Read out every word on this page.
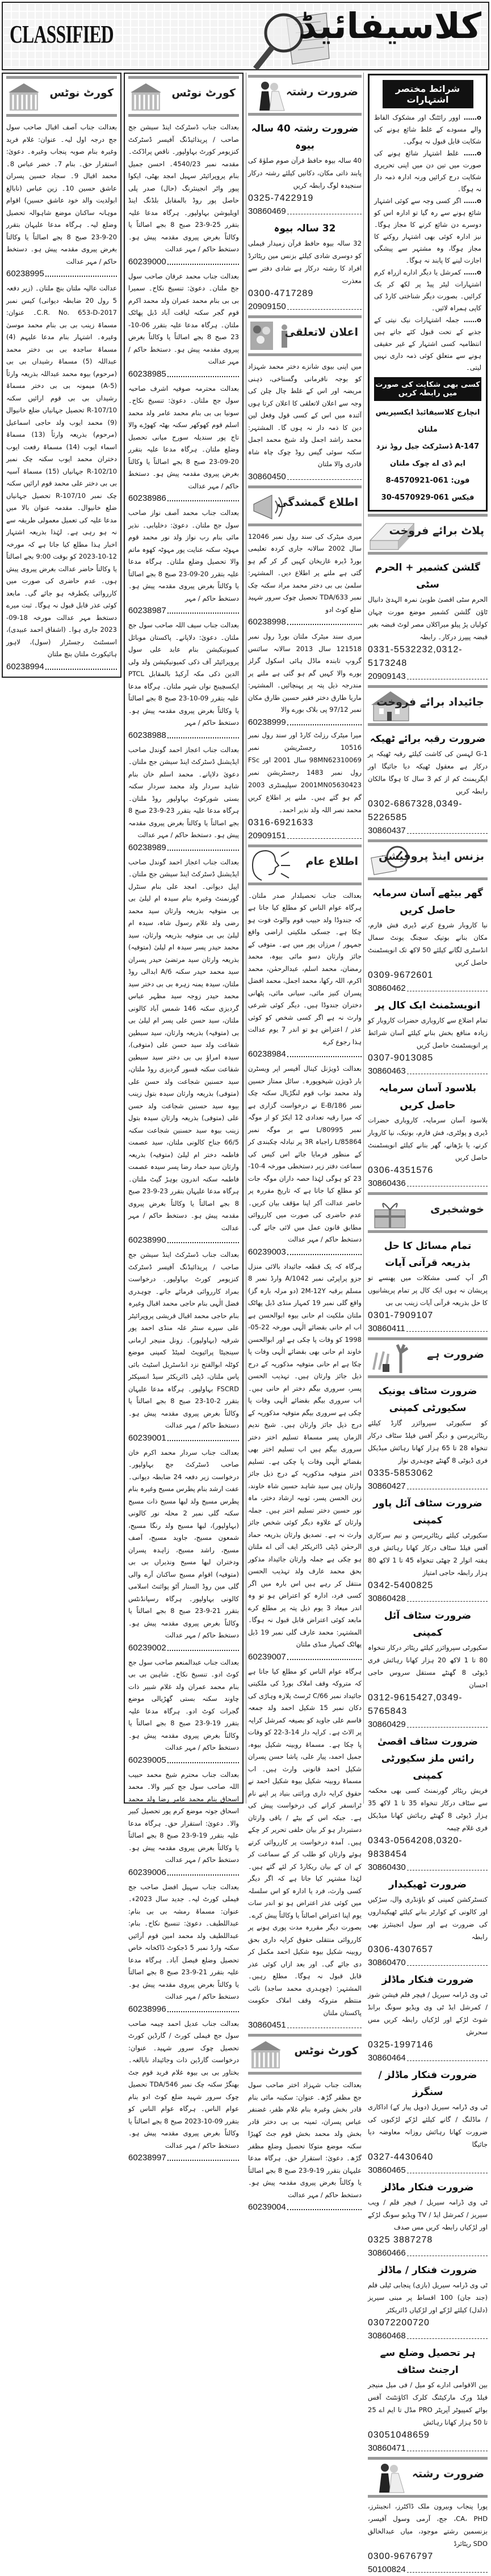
CLASSIFIED	کلاسیفائیڈ
کورٹ نوٹس
بعدالت جناب آصف اقبال صاحب سول جج درجہ اول لیہ۔ عنوان: غلام فرید وغیرہ بنام صوبہ پنجاب وغیرہ۔ دعویٰ: استقرار حق۔ بنام 7۔ خضر عباس 8۔ محمد اقبال 9۔ سجاد حسین پسران عاشق حسین 10۔ زین عباس (نابالغ ابولدیت والد خود عاشق حسین) اقوام موہانہ ساکنان موضع شاہوالہ تحصیل وضلع لیہ۔ ہرگاہ مدعا علیہان بتقرر 20-9-23 صبح 8 بجے اصالتاً یا وکالتاً بغرض پیروی مقدمہ پیش ہو۔ دستخط حاکم / مہر عدالت
60238995
عدالت عالیہ ملتان بنچ ملتان۔ (زیر دفعہ 5 رول 20 ضابطہ دیوانی) کیس نمبر C.R. No. 653-D-2017۔ عنوان: مسماۃ زینب بی بی بنام محمد موسیٰ وغیرہ۔ اشتہار بنام مدعا علیہم (4) مسماۃ ساجدہ بی بی دختر محمد عبداللہ (5) مسماۃ رشیداں بی بی (مرحوم) بیوہ محمد عبداللہ بذریعہ وارثاً (5-A) میمونہ بی بی دختر مسماۃ رشیداں بی بی قوم ارائیں سکنہ 107/10-R تحصیل جہانیاں ضلع خانیوال (9) محمد ایوب ولد حاجی اسماعیل (مرحوم) بذریعہ وارثاً (13) مسماۃ اسماء ایوب (14) مسماۃ رفعت ایوب دختران محمد ایوب سکنہ چک نمبر 102/10-R جہانیاں (15) مسماۃ آسیہ بی بی دختر علی محمد قوم ارائیں سکنہ چک نمبر 107/10-R تحصیل جہانیاں ضلع خانیوال۔ مقدمہ عنوان بالا میں مدعا علیہ کی تعمیل معمولی طریقہ سے نہ ہو رہی ہے۔ لہٰذا بذریعہ اشتہار اخبار ہذا مطلع کیا جاتا ہے کہ مورخہ 12-10-2023 کو بوقت 9:00 بجے اصالتاً یا وکالتاً حاضر عدالت بغرض پیروی پیش ہوں۔ عدم حاضری کی صورت میں کارروائی یکطرفہ ہو جائے گی۔ مابعد کوئی عذر قابل قبول نہ ہوگا۔ ثبت میرے دستخط مہر عدالت مورخہ 18-09-2023 جاری ہوا۔ (اشفاق احمد عبیدی)، اسسٹنٹ رجسٹرار (سول)، لاہور ہائیکورٹ ملتان بنچ ملتان
60238994
کورٹ نوٹس
بعدالت جناب ڈسٹرکٹ اینڈ سیشن جج صاحب / پریذائیڈنگ آفیسر ڈسٹرکٹ کنزیومر کورٹ بہاولپور۔ ناقص پراڈکٹ۔ مقدمہ نمبر 4540/23۔ احسن جمیل بنام پروپرائیٹر سہیل امجد بھٹی، ایکوا پیور واٹر انجینئرنگ (حال) صدر پلی حاصل پور روڈ بالمقابل بلڈنگ اینڈ اویلیوشن بہاولپور۔ ہرگاہ مدعا علیہ بتقرر 25-9-23 صبح 8 بجے اصالتاً یا وکالتاً بغرض پیروی مقدمہ پیش ہو۔ دستخط حاکم / مہر عدالت
60239000
بعدالت جناب محمد عرفان صاحب سول جج ملتان۔ دعویٰ: تنسیخ نکاح۔ سمیرا بی بی بنام محمد عمران ولد محمد اکرم قوم گجر سکنہ لیاقت آباد ڈبل پھاٹک ملتان۔ ہرگاہ مدعا علیہ بتقرر 06-10-23 صبح 8 بجے اصالتاً یا وکالتاً بغرض پیروی مقدمہ پیش ہو۔ دستخط حاکم / مہر عدالت
60238985
بعدالت محترمہ صوفیہ اشرف صاحبہ سول جج ملتان۔ دعویٰ: تنسیخ نکاح۔ سونیا بی بی بنام محمد عامر ولد محمد اسلم قوم کھوکھر سکنہ بھٹہ کھوڑے والا تاج پور سندیلہ سورج میانی تحصیل وضلع ملتان۔ ہرگاہ مدعا علیہ بتقرر 20-09-23 صبح 8 بجے اصالتاً یا وکالتاً بغرض پیروی مقدمہ پیش ہو۔ دستخط حاکم / مہر عدالت
60238986
بعدالت جناب محمد آصف نواز صاحب سول جج ملتان۔ دعویٰ: دخلیابی۔ نذیر مائی بنام رب نواز ولد نور محمد قوم مہوٹہ سکنہ عنایت پور مہوٹہ کھوہ ماتم والا تحصیل وضلع ملتان۔ ہرگاہ مدعا علیہ بتقرر 20-09-23 صبح 8 بجے اصالتاً یا وکالتاً بغرض پیروی مقدمہ پیش ہو۔ دستخط حاکم / مہر
60238987
بعدالت جناب سیف اللہ صاحب سول جج ملتان۔ دعویٰ: دلاپانے۔ پاکستان موبائل کمیونیکیشن بنام عابد علی سول پروپرائیٹر آف ذکی کمیونیکیشن ولد ولی الدین ذکی مکہ آرکیڈ بالمقابل PTCL ایکسچینج نواں شہر ملتان۔ ہرگاہ مدعا علیہ بتقرر 09-10-23 صبح 8 بجے اصالتاً یا وکالتاً بغرض پیروی مقدمہ پیش ہو۔ دستخط حاکم / مہر
60238988
بعدالت جناب اعجاز احمد گوندل صاحب ایڈیشنل ڈسٹرکٹ اینڈ سیشن جج ملتان۔ دعویٰ دلاپانے۔ محمد اسلم خان بنام شاہد سردار ولد محمد سردار سکنہ بستی شورکوٹ بہاولپور روڈ ملتان۔ ہرگاہ مدعا علیہ بتقرر 23-9-23 صبح 8 بجے اصالتاً یا وکالتاً بغرض پیروی مقدمہ پیش ہو۔ دستخط حاکم / مہر عدالت
60238989
بعدالت جناب اعجاز احمد گوندل صاحب ایڈیشنل ڈسٹرکٹ اینڈ سیشن جج ملتان۔ اپیل دیوانی۔ امجد علی بنام سنٹرل گورنمنٹ وغیرہ بنام سیدہ ام لیلیٰ بی بی متوفیہ بذریعہ وارثان سید محمد رضی ولد غلام رسول شاہ، سیدہ ام لیلیٰ بی بی متوفیہ بذریعہ وارثان، سید محمد حیدر پسر سیدہ ام لیلیٰ (متوفیہ) بذریعہ وارثان سید مرتضیٰ حیدر پسران سید محمد حیدر سکنہ 6/A ابدالی روڈ ملتان، سیدہ یمنہ زہرہ بی بی دختر سید محمد حیدر زوجہ سید مظہر عباس گردیزی سکنہ 146 شمس آباد کالونی ملتان، سید حسن علی پسر ام لیلیٰ بی بی (متوفیہ) بذریعہ وارثان، سید سبطین شفاعت ولد سید حسن علی (متوفی)، سیدہ امراؤ بی بی دختر سید سبطین شفاعت سکنہ قسور گردیزی روڈ ملتان، سید حسنین شجاعت ولد حسن علی (متوفی) بذریعہ وارثان سیدہ بتول زینب بیوہ سید حسنین شجاعت ولد حسن علی (متوفی) بذریعہ وارثان سیدہ بتول زینب بیوہ سید حسنین شجاعت سکنہ 66/5 جناح کالونی ملتان، سید عصمت فاطمہ دختر ام لیلیٰ (متوفیہ) بذریعہ وارثان سید حماد رضا پسر سیدہ عصمت فاطمہ سکنہ اندرون بوہڑ گیٹ ملتان۔ ہرگاہ مدعا علیہان بتقرر 23-9-23 صبح 8 بجے اصالتاً یا وکالتاً بغرض پیروی مقدمہ پیش ہو۔ دستخط حاکم / مہر عدالت
60238990
بعدالت جناب ڈسٹرکٹ اینڈ سیشن جج صاحب / پریذائیڈنگ آفیسر ڈسٹرکٹ کنزیومر کورٹ بہاولپور۔ درخواست بمراد کارروائی فرمائے جانے۔ چوہدری فضل الٰہی بنام حاجی محمد اقبال وغیرہ بنام حاجی محمد اقبال قریشی پروپرائیٹر علی سپرے سنٹر غلہ منڈی احمد پور شرقیہ (بہاولپور)۔ زونل منیجر ارمانی سینجیٹا پرائیویٹ لمیٹڈ کمپنی موضع کوٹلہ ابوالفتح نزد انڈسٹریل اسٹیٹ بائی پاس ملتان، ڈپٹی ڈائریکٹر سیڈ انسپکٹر FSCRD بہاولپور۔ ہرگاہ مدعا علیہان بتقرر 2-10-23 صبح 8 بجے اصالتاً یا وکالتاً بغرض پیروی مقدمہ پیش ہو۔ دستخط حاکم / مہر عدالت
60239001
بعدالت جناب سردار محمد اکرم خان صاحب ڈسٹرکٹ جج بہاولپور۔ درخواست زیر دفعہ 24 ضابطہ دیوانی۔ عفت ارشد بنام پطرس مسیح وغیرہ بنام پطرس مسیح ولد لبھا مسیح ذات مسیح سکنہ گلی نمبر 2 محلہ نور کالونی (بہاولپور)، لبھا مسیح ولد رنگا مسیح، شمعون مسیح، جاوید مسیح، آصف مسیح، راشد مسیح، زاہدہ پسران ودختران لبھا مسیح ونذیراں بی بی (متوفیہ) اقوام مسیح ساکنان آرے والی گلی مین روڈ الستار آٹو پوائنٹ اسلامی کالونی بہاولپور۔ ہرگاہ رسپانڈنٹس بتقرر 21-9-23 صبح 8 بجے اصالتاً یا وکالتاً بغرض پیروی مقدمہ پیش ہو۔ دستخط حاکم / مہر عدالت
60239002
بعدالت جناب عبدالمنعم صاحب سول جج کوٹ ادو۔ تنسیخ نکاح۔ شاہین بی بی بنام محمد عمران ولد غلام شبیر ذات چاوند سکنہ بستی گھڑیالی موضع گجرات کوٹ ادو۔ ہرگاہ مدعا علیہ بتقرر 19-9-23 صبح 8 بجے اصالتاً یا وکالتاً بغرض پیروی مقدمہ پیش ہو۔ دستخط حاکم / مہر عدالت
60239005
بعدالت جناب محترم شیخ محمد حبیب اللہ صاحب سول جج کبیر والا۔ محمد اسحاق بنام محمد عامر رضا ولد محمد اسحاق جوتہ موضع کرم پور تحصیل کبیر والا۔ دعویٰ: استقرار حق۔ ہرگاہ مدعا علیہ بتقرر 19-9-23 صبح 8 بجے اصالتاً یا وکالتاً بغرض پیروی مقدمہ پیش ہو۔ دستخط حاکم / مہر عدالت
60239006
بعدالت جناب سہیل افضل صاحب جج فیملی کورٹ لیہ۔ جدید سال 2023ء۔ عنوان: مسماۃ رمشہ بی بی بنام: عبداللطیف۔ دعویٰ: تنسیخ نکاح۔ بنام: عبداللطیف ولد محمد امین قوم آرائیں سکنہ وارڈ نمبر 5 ڈجکوٹ ڈاکخانہ خاص تحصیل وضلع فیصل آباد۔ ہرگاہ مدعا علیہ بتقرر 21-9-23 صبح 8 بجے اصالتاً یا وکالتاً بغرض پیروی مقدمہ پیش ہو۔ دستخط حاکم / مہر عدالت
60238996
بعدالت جناب عدیل احمد چیمہ صاحب سول جج فیملی کورٹ / گارڈین کورٹ تحصیل چوک سرور شہید۔ عنوان: درخواست گارڈین ذات وجائیداد نابالغہ۔ بختاور بی بی بیوہ غلام فرید قوم جٹ بھنگڑ سکنہ چک نمبر 546/TDA تحصیل چوک سرور شہید ضلع کوٹ ادو بنام عوام الناس۔ ہرگاہ عوام الناس کو بتقرر 09-10-2023 صبح 8 بجے اصالتاً یا وکالتاً بغرض پیروی مقدمہ پیش ہو۔ دستخط حاکم / مہر عدالت
60238997
ضرورت رشتہ
ضرورت رشتہ 40 سالہ بیوہ
40 سالہ بیوہ حافظ قرآن صوم صلوٰۃ کی پابند ذاتی مکان، دکانیں کیلئے رشتہ درکار سنجیدہ لوگ رابطہ کریں
0325-7422919
30860469
32 سالہ بیوہ
32 سالہ بیوہ حافظ قرآن زمیدار فیملی کو دوسری شادی کیلئے بزنس مین ریٹائرڈ افراد کا رشتہ درکار ہے شادی دفتر سے معذرت
0300-4717289
20909150
اعلان لاتعلقی
میں اپنی بیوی شانزے دختر محمد شہزاد کو بوجہ نافرمانی وگستاخی، ذہنی مریضہ اور اس کے غلط چال چلن کی وجہ سے اعلان لاتعلقی کا اعلان کرتا ہوں آئندہ میں اس کے کسی قول وفعل لین دین کا ذمہ دار نہ ہوں گا۔ المشتہر: محمد راشد اجمل ولد شیخ محمد اجمل سکنہ سوئی گیس روڈ چوک چاہ شاہ قادری والا ملتان
30860450
اطلاع گمشدگی
میری میٹرک کی سند رول نمبر 12046 سال 2002 سالانہ جاری کردہ تعلیمی بورڈ ڈیرہ غازیخان کہیں گر کر گم ہو گئی ہے ملنے پر اطلاع دیں۔ المشتہر: سلمیٰ بی بی دختر محمد مراد سکنہ چک نمبر 633/TDA تحصیل چوک سرور شہید ضلع کوٹ ادو
60238998
میری سند میٹرک ملتان بورڈ رول نمبر 121518 سال 2013 سالانہ سائنس گروپ تابندہ ماڈل ہائی اسکول گرلز بورے والا کہیں گم ہو گئی ہے ملنے پر مندرجہ ذیل پتہ پر پہنچائیں۔ المشتہر: ماریا طارق دختر فقیر حسین طارق مکان نمبر 97/12 پی بلاک بورے والا
60238999
میرا میٹرک رزلٹ کارڈ اور سند رول نمبر 10516 رجسٹریشن نمبر 98MN62310069 سال 2001 اور FSc رول نمبر 1483 رجسٹریشن نمبر 2001MN05630423 سپلیمنٹری 2003 گم ہو گئے ہیں۔ ملنے پر اطلاع کریں محمد نصر اللہ ولد نذیر احمد۔
0316-6921633
20909151
اطلاع عام
بعدالت جناب تحصیلدار صدر ملتان۔ ہرگاہ عوام الناس کو مطلع کیا جاتا ہے کہ جندوڈا ولد حبیب قوم والوٹ فوت ہو چکا ہے۔ جسکی ملکیتی اراضی واقع جمہور / مرزاں پور میں ہے۔ متوفی کے جائز وارثان دسو مائی بیوہ، محمد رمضان، محمد اسلم، عبدالرحمٰن، محمد اکرم، اللہ رکھا، محمد اجمل، محمد افضل پسران کنیز مائی، سیانی مائی، پٹھانی دختران جندوڈا ہیں۔ دیگر کوئی شرعی وارث نہ ہے اگر کسی شخص کو کوئی عذر / اعتراض ہو تو اندر 7 یوم عدالت ہذا رجوع کرے
60238984
بعدالت ڈویژنل کینال آفیسر اپر ویسٹرن بار ڈویژن شیخوپورہ۔ سائل ممتاز حسین ولد محمد نواب قوم لنگڑیال سکنہ چک نمبر 186/E-B نے درخواست گزاری ہے کہ میرا رقبہ تعدادی 12 ایکڑ کو از موگہ نمبر 80995/L سے بر موگہ نمبر 85864/L راجباہ 3R پر تبادلہ چکبندی کر کے منظور فرمایا جائے اس کیس کی سماعت دفتر زیر دستخطی مورخہ 4-10-23 کو ہوگی لہٰذا حصہ داران موگہ جات کو مطلع کیا جاتا ہے کہ تاریخ مقررہ پر حاضر عدالت آکر اپنا مؤقف بیان کریں۔ عدم حاضری کی صورت میں کارروائی مطابق قانون عمل میں لائی جائے گی۔ دستخط حاکم / مہر عدالت
60239003
ہرگاہ کہ یک قطعہ جائیداد بالائی منزل جزو پراپرٹی نمبر 1042/A وارڈ نمبر 8 مسلم برقبہ 2M-12Y (دو مرلہ بارہ گز) واقع گلی نمبر 19 کمہار منڈی ڈبل پھاٹک ملتان ملکیت ام حانی بیوہ ابوالحسن ہے اب ام حانی بقضائے الٰہی مورخہ 22-05-1998 کو وفات پا چکی ہے اور ابوالحسن خاوند ام حانی بھی بقضائے الٰہی وفات پا چکا ہے ام حانی متوفیہ مذکوریہ کے درج ذیل جائز وارثان ہیں۔ تہذیب الحسن پسر، سروری بیگم دختر ام حانی ہیں۔ اب سروری بیگم بقضائے الٰہی وفات پا چکی ہے سروری بیگم متوفیہ مذکوریہ کے درج ذیل جائز وارثان ہیں۔ شیخ ندیم الزماں پسر مسماۃ تسلیم اختر دختر سروری بیگم ہیں اب تسلیم اختر بھی بقضائے الٰہی وفات پا چکی ہے۔ تسلیم اختر متوفیہ مذکوریہ کے درج ذیل جائز وارثان ہیں سید شاہد حسین شاہ خاوند، زین الحسن پسر، ثوبیہ ارشاد دختر، ماہ نور حسین دختر تسلیم اختر ہیں۔ جملہ وارثان کے علاوہ دیگر کوئی شخص جائز وارث نہ ہے۔ تصدیق وارثان بذریعہ حماد الرحمٰن ڈپٹی ڈائریکٹر ایف آئی اے ملتان ہو چکی ہے جملہ وارثان جائیداد مذکور بحق محمد عارف ولد تہذیب الحسن منتقل کر رہے ہیں اس بارہ میں اگر کسی فرد، ادارہ کو اعتراض ہو تو وہ اندر میعاد 3 یوم ذیل پتہ پر مطلع کرے مابعد کوئی اعتراض قابل قبول نہ ہوگا۔ المشتہر: محمد عارف گلی نمبر 19 ڈبل پھاٹک کمہار منڈی ملتان
60239007
ہرگاہ عوام الناس کو مطلع کیا جاتا ہے کہ متروکہ وقف املاک بورڈ کی ملکیتی جائیداد نمبر 66/C ٹرسٹ پلازہ وہاڑی کی دکان نمبر 15 شکیل احمد ولد جمعہ قاسم علی جاوید کو بصیغہ کمرشل کرایہ پر الاٹ ہے۔ کرایہ دار 14-3-22 کو وفات پا چکا ہے۔ مسماۃ روبینہ شکیل بیوہ، جمیل احمد، پیار علی، پاشا حسن پسران شکیل احمد قانونی وارث ہیں۔ اب مسماۃ روبینہ شکیل بیوہ شکیل احمد نے حقوق کرایہ داری وراثتی بنیاد پر اپنے نام ٹرانسفر کرانے کی درخواست پیش کی ہے۔ جبکہ اس کے بیٹے / باقی وارثان دستبردار ہو کر بیان حلفی تحریر کر چکے ہیں۔ آمدہ درخواست پر کارروائی کرتے ہوئے وارثان کو طلب کر کے سماعت کر کے ان کے بیان ریکارڈ کر لئے گئے ہیں۔ لہٰذا مشتہر کیا جاتا ہے کہ اگر دیگر کسی وارث، فرد یا ادارہ کو اس سلسلہ میں کوئی عذر اعتراض ہو تو اندر سات یوم اپنا اعتراض اصالتاً یا وکالتاً پیش کرے۔ بصورت دیگر مقررہ مدت پوری ہونے پر کارروائی منتقلی حقوق کرایہ داری بحق روبینہ شکیل بیوہ شکیل احمد مکمل کر دی جائے گی۔ اور بعد ازاں کوئی عذر قابل قبول نہ ہوگا۔ مطلع رہیں۔ المشتہر: (چوہدری محمد ساجد) نائب منتظم متروکہ وقف املاک حکومت پاکستان ملتان
30860451
کورٹ نوٹس
بعدالت جناب شہزاد اختر صاحب سول جج مظفر گڑھ۔ عنوان: سکینہ مائی بنام قادر بخش وغیرہ بنام غلام ظفر، غضنفر عباس پسران، ثمینہ بی بی دختر قادر بخش ولد محمد بخش قوم جٹ کھیڑا سکنہ موضع متوکا تحصیل وضلع مظفر گڑھ۔ دعویٰ: استقرار حق۔ ہرگاہ مدعا علیہان بتقرر 19-9-23 صبح 8 بجے اصالتاً یا وکالتاً بغرض پیروی مقدمہ پیش ہو۔ دستخط حاکم / مہر عدالت
60239004
شرائط مختصر اشتہارات
o…… اوور رائٹنگ اور مشکوک الفاظ والے مسودے کے غلط شائع ہونے کی شکایت قابل قبول نہ ہوگی۔
o…… غلط اشتہار شائع ہونے کی صورت میں تین دن میں اپنی تحریری شکایت درج کرائیں ورنہ ادارہ ذمہ دار نہ ہوگا۔
o…… اگر کسی وجہ سے کوئی اشتہار شائع ہونے سے رہ گیا تو ادارہ اس کو دوسرے دن شائع کرنے کا مجاز ہوگا۔ نیز ادارہ کوئی بھی اشتہار روکنے کا مجاز ہوگا، وہ مشتہر سے پیشگی اجازت لینے کا پابند نہ ہوگا۔
o…… کمرشل یا دیگر ادارے ازراہ کرم اشتہارات لیٹر پیڈ پر لکھ کر بک کرائیں۔ بصورت دیگر شناختی کارڈ کی کاپی ہمراہ لائیں۔
o…… جملہ اشتہارات نیک نیتی کے جذبے کے تحت قبول کئے جاتے ہیں انتظامیہ کسی اشتہار کے غیر حقیقی ہونے سے متعلق کوئی ذمہ داری نہیں لیتی۔
کسی بھی شکایت کی صورت میں رابطہ کریں
انچارج کلاسیفائیڈ ایکسپریس ملتان
147-A ڈسٹرکٹ جیل روڈ نزد ایم ڈی اے چوک ملتان
فون: 061-4570921-8 فیکس 061-4570929-30
پلاٹ برائے فروخت
گلشن کشمیر + الحرم سٹی
الحرم سٹی اقصیٰ طوبیٰ نمرہ الہدیٰ دانیال ٹاؤن گلشن کشمیر موضع مورت چہان کولیاں پڑ پیلو میراکلاں مصر لوٹ قبضہ بغیر قبضہ پیپرز درکار۔ رابطہ
0331-5532232,0312-5173248
20909143
جائیداد برائے فروخت
ضرورت رقبہ برائے ٹھیکہ
G-1 لہسن کی کاشت کیلئے رقبہ ٹھیکہ پر درکار ہے معقول ٹھیکہ دیا جائیگا اور ایگریمنٹ کم از کم 3 سال کا ہوگا مالکان رابطہ کریں
0302-6867328,0349-5226585
30860437
بزنس اینڈ پروفیشن
گھر بیٹھے آسان سرمایہ حاصل کریں
نیا کاروبار شروع کرنے ڈیری فش فارم، مکان بنانے بوتیک سچنگ یونٹ سمال انڈسٹری لگانے کیلئے 50 لاکھ تک انویسٹمنٹ حاصل کریں
0309-9672601
30860462
انویسٹمنٹ ایک کال پر
تمام اضلاع سے کاروباری حضرات کاروبار کو زیادہ منافع بخش بنانے کیلئے آسان شرائط پر انویسٹمنٹ حاصل کریں
0307-9013085
30860463
بلاسود آسان سرمایہ حاصل کریں
بلاسود آسان سرمایہ، کاروباری حضرات ڈیری و پولٹری، فش فارم، بوتیک، نیا کاروبار کرنے، یا بڑھانے، گھر بنانے کیلئے انویسٹمنٹ حاصل کریں
0306-4351576
30860436
خوشخبری
تمام مسائل کا حل بذریعہ قرآنی آیات
اگر آپ کسی مشکلات میں پھنسے تو پریشان نہ ہوں ایک کال پر تمام پریشانیوں کا حل بذریعہ قرآنی آیات زینب بی بی
0301-7909107
30860411
ضرورت ہے
ضرورت سٹاف یونیک سکیورٹی کمپنی
کو سکیورٹی سپروائزر گارڈ کیلئے ریٹائرپرسن و دیگر آفس فیلڈ سٹاف درکار تنخواہ 28 تا 65 ہزار کھانا رہائش میڈیکل فری ڈیوٹی 8 گھنٹے چوہدری نواز
0335-5853062
30860427
ضرورت سٹاف آئل پاور کمپنی
سکیورٹی کیلئے ریٹائرپرسن و نیم سرکاری آفس فیلڈ سٹاف درکار کھانا رہائش فری ہفتہ اتوار 2 چھٹی تنخواہ 45 تا 1 لاکھ 80 ہزار رابطہ حاجی امتیاز
0342-5400825
30860428
ضرورت سٹاف آئل کمپنی
سکیورٹی سپروائزر کیلئے ریٹائر درکار تنخواہ 80 تا 1 لاکھ 20 ہزار کھانا رہائش فری ڈیوٹی 8 گھنٹے مستقل سروس حاجی احسان
0312-9615427,0349-5765843
30860429
ضرورت سٹاف اقصیٰ رائس ملز سکیورٹی کمپنی
فریش ریٹائر گورنمنٹ کسی بھی محکمہ سے سٹاف درکار تنخواہ 35 تا 1 لاکھ 35 ہزار ڈیوٹی 8 گھنٹے رہائش کھانا میڈیکل فری غلام چیمہ
0343-0564208,0320-9838454
30860430
ضرورت ٹھیکیدار
کنسٹرکشن کمپنی کو باؤنڈری وال، سڑکیں اور کالونی کے کوارٹر بنانے کیلئے ٹھیکیداروں کی ضرورت ہے اور سول انجینئرز بھی رابطہ
0306-4307657
30860470
ضرورت فنکار ماڈلز
ٹی وی ڈرامہ سیریل / فیچر فلم فیشن شوز / کمرشل ایڈ ٹی وی ویڈیو سونگ برانڈ شوٹ لڑکے اور لڑکیاں رابطہ کریں مس سحرش
0325-1997146
30860464
ضرورت فنکار ماڈلز / سنگرز
ٹی وی ڈرامہ سیریل (دوپل پیار کے) اداکاری / ماڈلنگ / گانے کیلئے لڑکے لڑکیوں کی ضرورت کھانا رہائش روزانہ معاوضہ دیا جائیگا
0327-4430640
30860465
ضرورت فنکار ماڈلز
ٹی وی ڈرامہ سیریل / فیچر فلم / ویب سیریز / کمرشل ایڈ / TV ویڈیو سونگ لڑکے اور لڑکیاں رابطہ کریں مس صدف
0325 3887278
30860466
ضرورت فنکار / ماڈلز
ٹی وی ڈرامہ سیریل (بازی) پنجابی ٹیلی فلم (جند جان) 100 اقساط پر مبنی سیریز (دلدل) کیلئے لڑکے اور لڑکیاں ڈائریکٹر
03072200720
30860468
ہر تحصیل وضلع سے ارجنٹ سٹاف
بین الاقوامی ادارے کو میل / فی میل منیجر فیلڈ ورک مارکیٹنگ کلرک اکاؤنٹنٹ آفس بوائے کمپیوٹر آپریٹر PRO مڈل تا ایم اے 25 تا 50 ہزار کھانا رہائش
03051048659
30860471
ضرورت رشتہ
پورا پنجاب وبیرون ملک ڈاکٹرز، انجینئرز، CA، PHD، جج، آرمی وسول آفیسر، بزنسمین رشتے موجود، میاں عبدالخالق SDO ریٹائرڈ
0300-9676797
50100824
